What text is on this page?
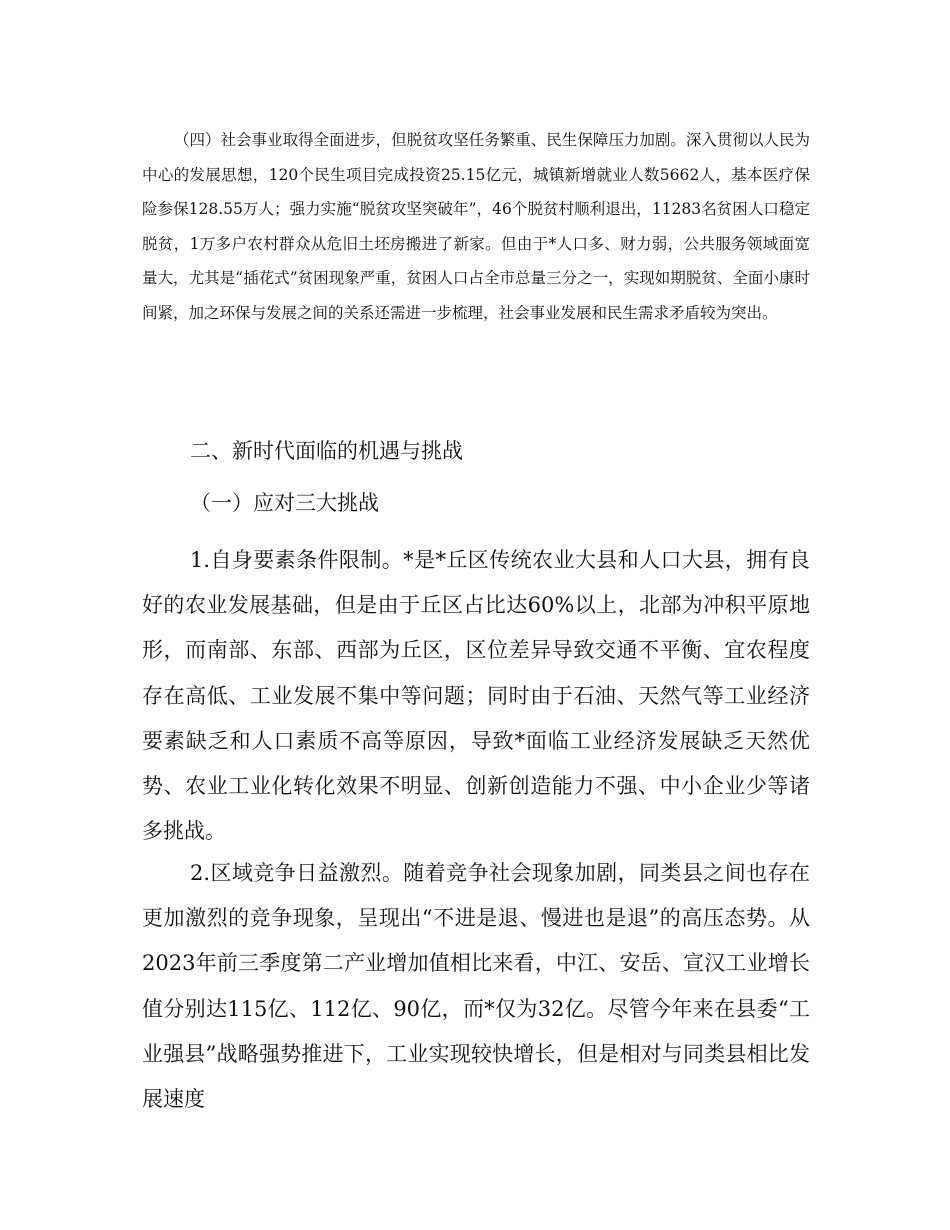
（四）社会事业取得全面进步，但脱贫攻坚任务繁重、民生保障压力加剧。深入贯彻以人民为中心的发展思想，120个民生项目完成投资25.15亿元，城镇新增就业人数5662人，基本医疗保险参保128.55万人；强力实施“脱贫攻坚突破年”，46个脱贫村顺利退出，11283名贫困人口稳定脱贫，1万多户农村群众从危旧土坯房搬进了新家。但由于*人口多、财力弱，公共服务领域面宽量大，尤其是“插花式”贫困现象严重，贫困人口占全市总量三分之一，实现如期脱贫、全面小康时间紧，加之环保与发展之间的关系还需进一步梳理，社会事业发展和民生需求矛盾较为突出。

二、新时代面临的机遇与挑战

（一）应对三大挑战

1.自身要素条件限制。*是*丘区传统农业大县和人口大县，拥有良好的农业发展基础，但是由于丘区占比达60%以上，北部为冲积平原地形，而南部、东部、西部为丘区，区位差异导致交通不平衡、宜农程度存在高低、工业发展不集中等问题；同时由于石油、天然气等工业经济要素缺乏和人口素质不高等原因，导致*面临工业经济发展缺乏天然优势、农业工业化转化效果不明显、创新创造能力不强、中小企业少等诸多挑战。

2.区域竞争日益激烈。随着竞争社会现象加剧，同类县之间也存在更加激烈的竞争现象，呈现出“不进是退、慢进也是退”的高压态势。从2023年前三季度第二产业增加值相比来看，中江、安岳、宣汉工业增长值分别达115亿、112亿、90亿，而*仅为32亿。尽管今年来在县委“工业强县”战略强势推进下，工业实现较快增长，但是相对与同类县相比发展速度
